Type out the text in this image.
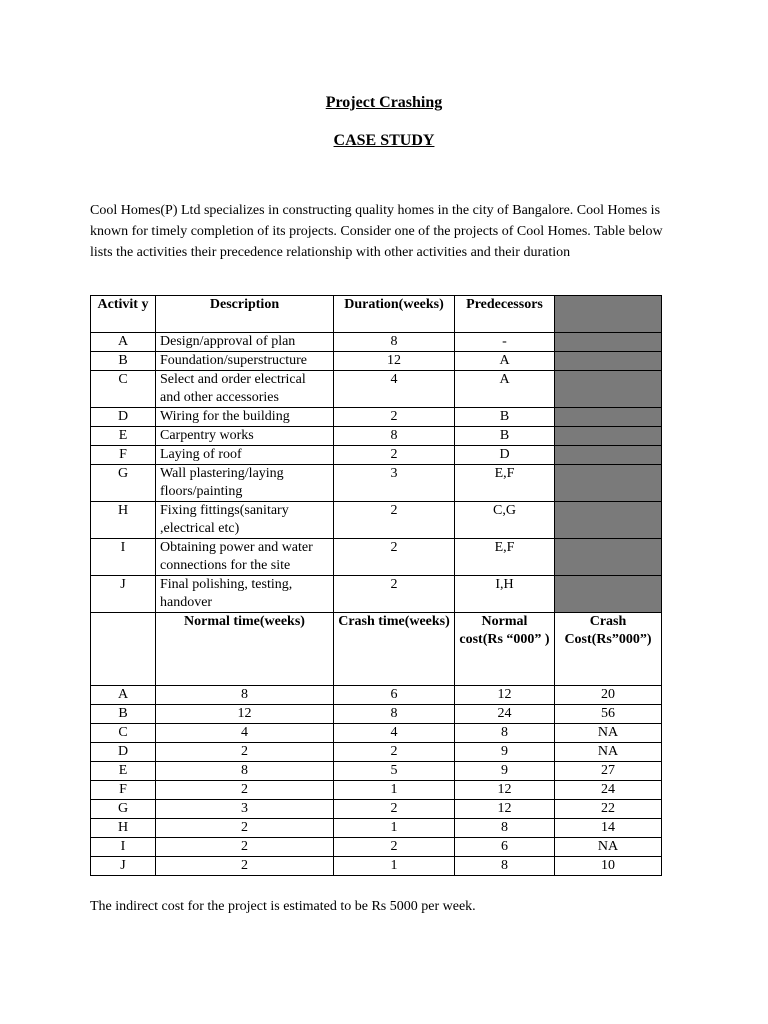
Project Crashing
CASE STUDY
Cool Homes(P) Ltd specializes in constructing quality homes in the city of Bangalore. Cool Homes is known for timely completion of its projects. Consider one of the projects of Cool Homes. Table below lists the activities their precedence relationship with other activities and their duration
Activit y	Description	Duration(weeks)	Predecessors	
A	Design/approval of plan	8	-	
B	Foundation/superstructure	12	A	
C	Select and order electrical and other accessories	4	A	
D	Wiring for the building	2	B	
E	Carpentry works	8	B	
F	Laying of roof	2	D	
G	Wall plastering/laying floors/painting	3	E,F	
H	Fixing fittings(sanitary ,electrical etc)	2	C,G	
I	Obtaining power and water connections for the site	2	E,F	
J	Final polishing, testing, handover	2	I,H	
	Normal time(weeks)	Crash time(weeks)	Normal cost(Rs “000” )	Crash Cost(Rs”000”)
A	8	6	12	20
B	12	8	24	56
C	4	4	8	NA
D	2	2	9	NA
E	8	5	9	27
F	2	1	12	24
G	3	2	12	22
H	2	1	8	14
I	2	2	6	NA
J	2	1	8	10
The indirect cost for the project is estimated to be Rs 5000 per week.
